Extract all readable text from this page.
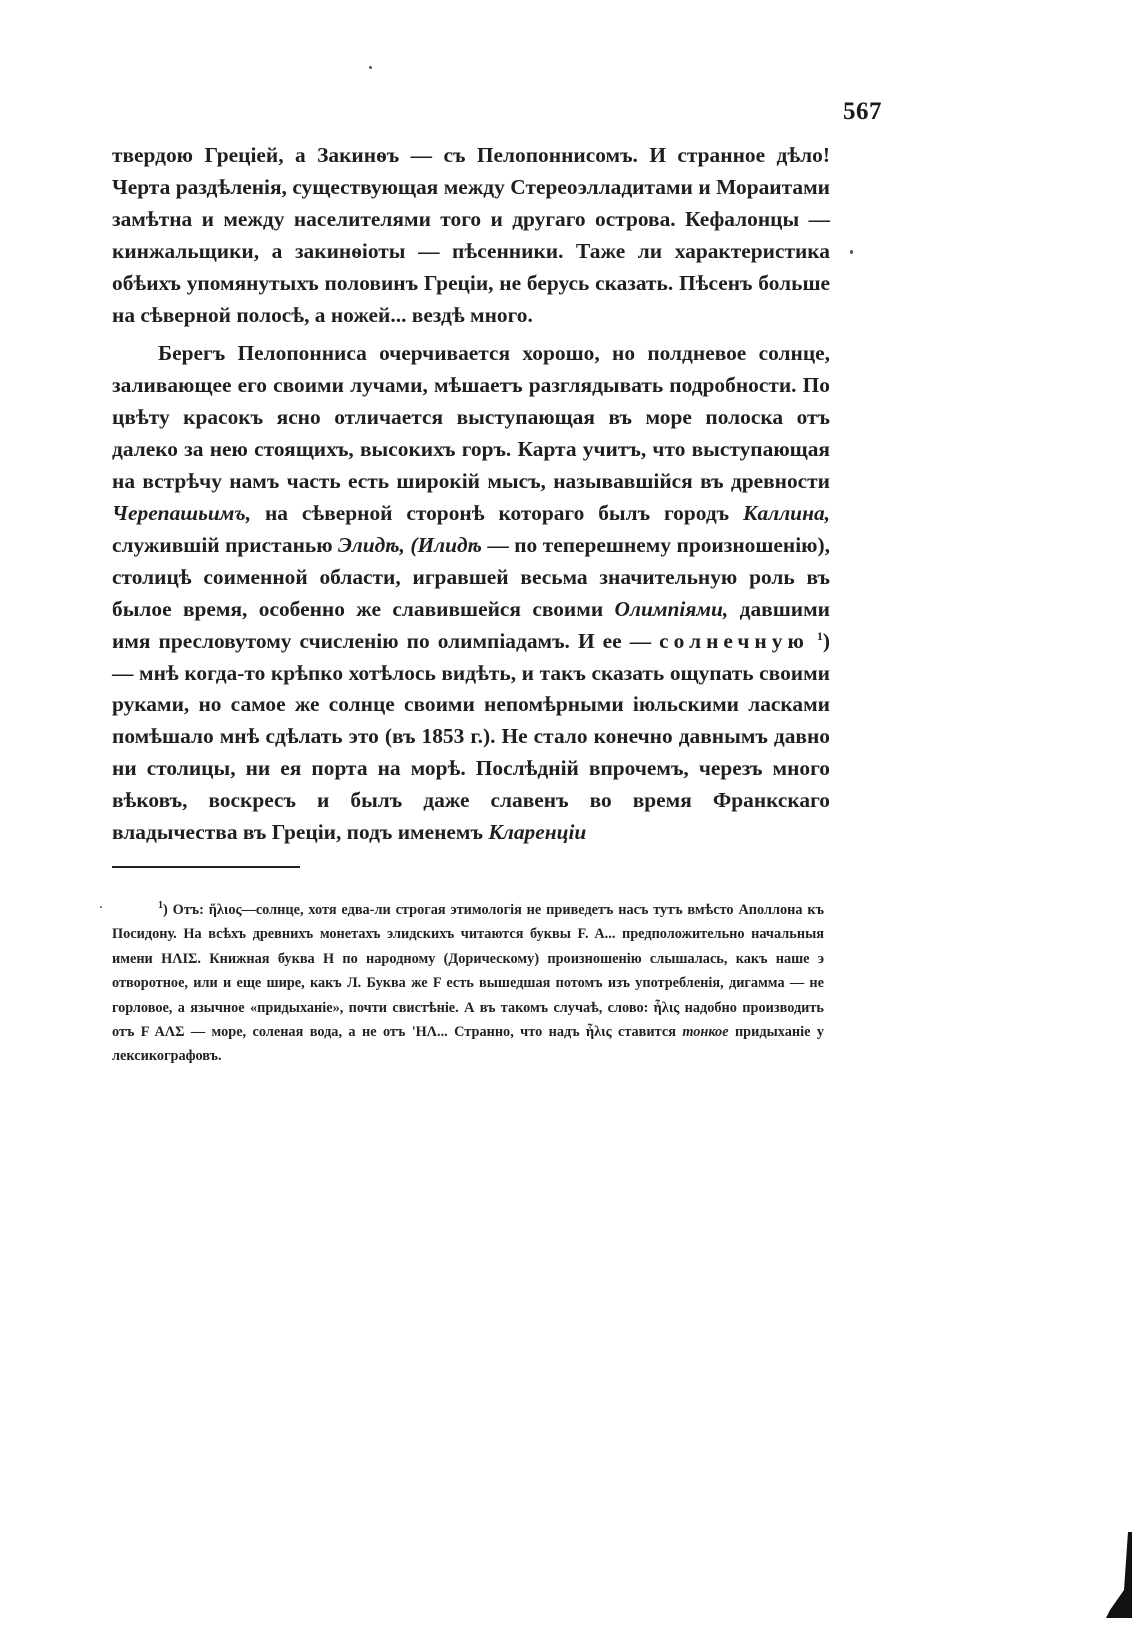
567

твердою Греціей, а Закинѳъ — съ Пелопоннисомъ. И странное дѣло! Черта раздѣленія, существующая между Стереоэлладитами и Мораитами замѣтна и между населителями того и другаго острова. Кефалонцы — кинжальщики, а закинѳіоты — пѣсенники. Таже ли характеристика обѣихъ упомянутыхъ половинъ Греціи, не берусь сказать. Пѣсенъ больше на сѣверной полосѣ, а ножей... вездѣ много.

Берегъ Пелопонниса очерчивается хорошо, но полдневое солнце, заливающее его своими лучами, мѣшаетъ разглядывать подробности. По цвѣту красокъ ясно отличается выступающая въ море полоска отъ далеко за нею стоящихъ, высокихъ горъ. Карта учитъ, что выступающая на встрѣчу намъ часть есть широкій мысъ, называвшійся въ древности Черепашьимъ, на сѣверной сторонѣ котораго былъ городъ Каллина, служившій пристанью Элидѣ, (Илидѣ — по теперешнему произношенію), столицѣ соименной области, игравшей весьма значительную роль въ былое время, особенно же славившейся своими Олимпіями, давшими имя пресловутому счисленію по олимпіадамъ. И ее — солнечную $^1$) — мнѣ когда-то крѣпко хотѣлось видѣть, и такъ сказать ощупать своими руками, но самое же солнце своими непомѣрными іюльскими ласками помѣшало мнѣ сдѣлать это (въ 1853 г.). Не стало конечно давнымъ давно ни столицы, ни ея порта на морѣ. Послѣдній впрочемъ, черезъ много вѣковъ, воскресъ и былъ даже славенъ во время Франкскаго владычества въ Греціи, подъ именемъ Кларенціи

$^1$) Отъ: ἥλιος—солнце, хотя едва-ли строгая этимологія не приведетъ насъ тутъ вмѣсто Аполлона къ Посидону. На всѣхъ древнихъ монетахъ элидскихъ читаются буквы F. A... предположительно начальныя имени HΛIΣ. Книжная буква H по народному (Дорическому) произношенію слышалась, какъ наше э отворотное, или и еще шире, какъ Л. Буква же F есть вышедшая потомъ изъ употребленія, дигамма — не горловое, а язычное «придыханіе», почти свистѣніе. А въ такомъ случаѣ, слово: ἧλις надобно производить отъ F AΛΣ — море, соленая вода, а не отъ 'HΛ... Странно, что надъ ἧλις ставится тонкое придыханіе у лексикографовъ.
